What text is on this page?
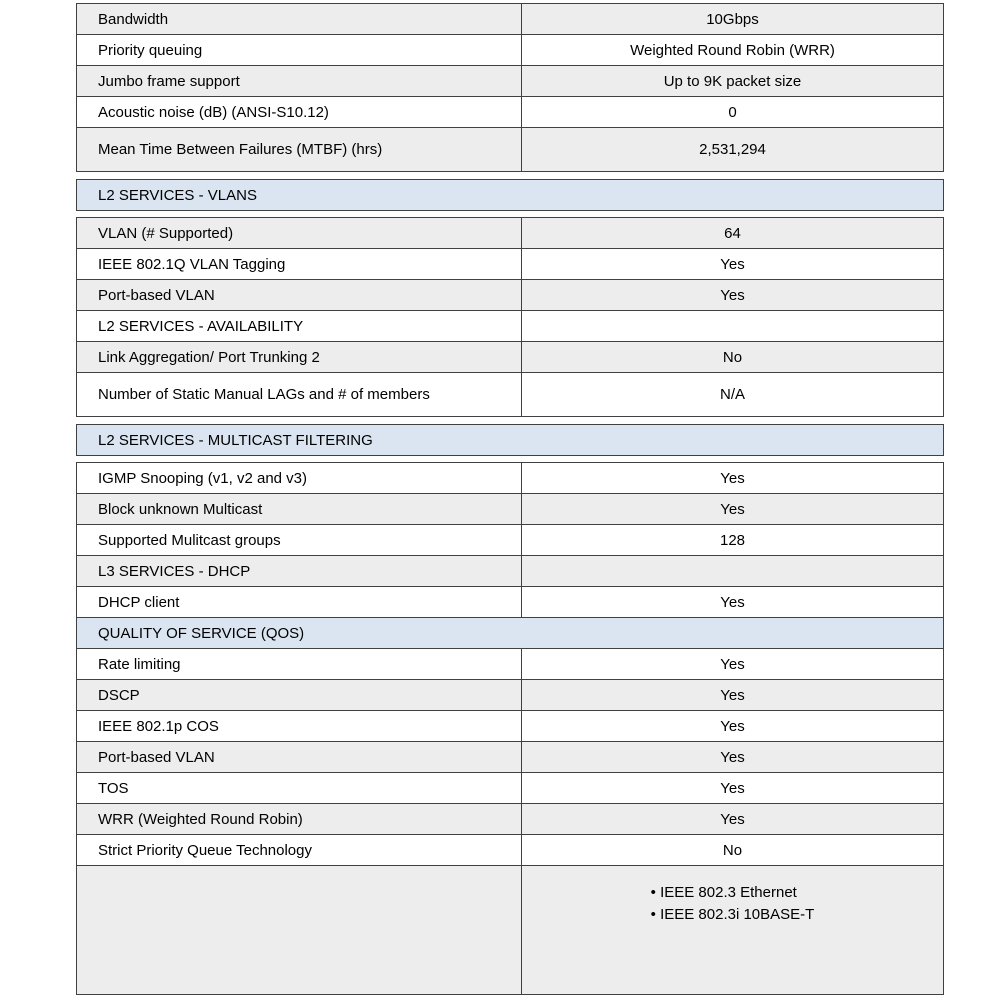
Bandwidth	10Gbps
Priority queuing	Weighted Round Robin (WRR)
Jumbo frame support	Up to 9K packet size
Acoustic noise (dB) (ANSI-S10.12)	0
Mean Time Between Failures (MTBF) (hrs)	2,531,294
L2 SERVICES - VLANS
VLAN (# Supported)	64
IEEE 802.1Q VLAN Tagging	Yes
Port-based VLAN	Yes
L2 SERVICES - AVAILABILITY
Link Aggregation/ Port Trunking 2	No
Number of Static Manual LAGs and # of members	N/A
L2 SERVICES - MULTICAST FILTERING
IGMP Snooping (v1, v2 and v3)	Yes
Block unknown Multicast	Yes
Supported Mulitcast groups	128
L3 SERVICES - DHCP
DHCP client	Yes
QUALITY OF SERVICE (QOS)
Rate limiting	Yes
DSCP	Yes
IEEE 802.1p COS	Yes
Port-based VLAN	Yes
TOS	Yes
WRR (Weighted Round Robin)	Yes
Strict Priority Queue Technology	No
• IEEE 802.3 Ethernet
• IEEE 802.3i 10BASE-T
